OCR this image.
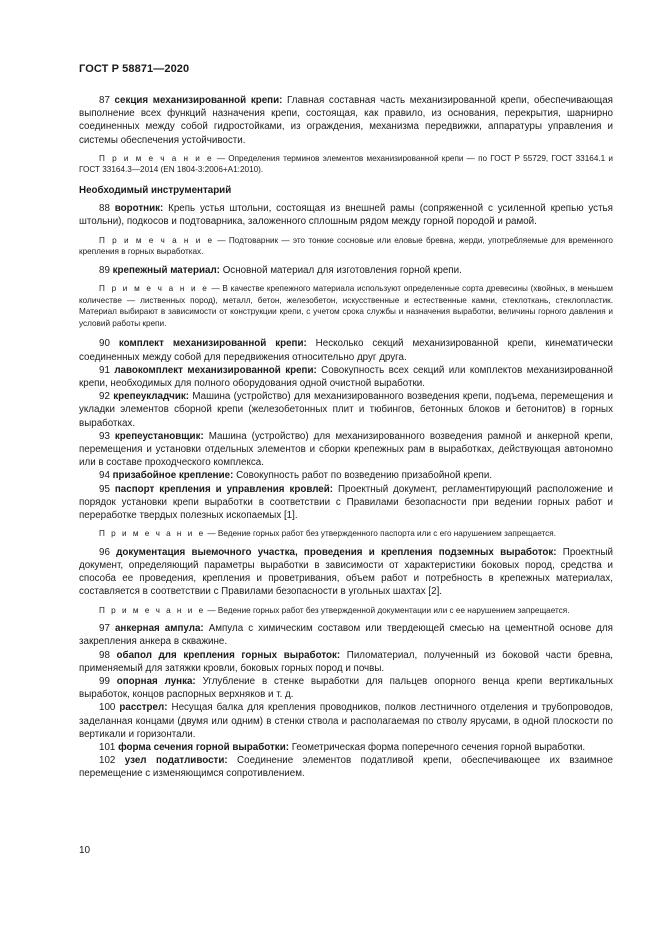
ГОСТ Р 58871—2020

87 секция механизированной крепи: Главная составная часть механизированной крепи, обеспечивающая выполнение всех функций назначения крепи, состоящая, как правило, из основания, перекрытия, шарнирно соединенных между собой гидростойками, из ограждения, механизма передвижки, аппаратуры управления и системы обеспечения устойчивости.

П р и м е ч а н и е — Определения терминов элементов механизированной крепи — по ГОСТ Р 55729, ГОСТ 33164.1 и ГОСТ 33164.3—2014 (EN 1804-3:2006+A1:2010).

Необходимый инструментарий

88 воротник: Крепь устья штольни, состоящая из внешней рамы (сопряженной с усиленной крепью устья штольни), подкосов и подтоварника, заложенного сплошным рядом между горной породой и рамой.

П р и м е ч а н и е — Подтоварник — это тонкие сосновые или еловые бревна, жерди, употребляемые для временного крепления в горных выработках.

89 крепежный материал: Основной материал для изготовления горной крепи.

П р и м е ч а н и е — В качестве крепежного материала используют определенные сорта древесины (хвойных, в меньшем количестве — лиственных пород), металл, бетон, железобетон, искусственные и естественные камни, стеклоткань, стеклопластик. Материал выбирают в зависимости от конструкции крепи, с учетом срока службы и назначения выработки, величины горного давления и условий работы крепи.

90 комплект механизированной крепи: Несколько секций механизированной крепи, кинематически соединенных между собой для передвижения относительно друг друга.

91 лавокомплект механизированной крепи: Совокупность всех секций или комплектов механизированной крепи, необходимых для полного оборудования одной очистной выработки.

92 крепеукладчик: Машина (устройство) для механизированного возведения крепи, подъема, перемещения и укладки элементов сборной крепи (железобетонных плит и тюбингов, бетонных блоков и бетонитов) в горных выработках.

93 крепеустановщик: Машина (устройство) для механизированного возведения рамной и анкерной крепи, перемещения и установки отдельных элементов и сборки крепежных рам в выработках, действующая автономно или в составе проходческого комплекса.

94 призабойное крепление: Совокупность работ по возведению призабойной крепи.

95 паспорт крепления и управления кровлей: Проектный документ, регламентирующий расположение и порядок установки крепи выработки в соответствии с Правилами безопасности при ведении горных работ и переработке твердых полезных ископаемых [1].

П р и м е ч а н и е — Ведение горных работ без утвержденного паспорта или с его нарушением запрещается.

96 документация выемочного участка, проведения и крепления подземных выработок: Проектный документ, определяющий параметры выработки в зависимости от характеристики боковых пород, средства и способа ее проведения, крепления и проветривания, объем работ и потребность в крепежных материалах, составляется в соответствии с Правилами безопасности в угольных шахтах [2].

П р и м е ч а н и е — Ведение горных работ без утвержденной документации или с ее нарушением запрещается.

97 анкерная ампула: Ампула с химическим составом или твердеющей смесью на цементной основе для закрепления анкера в скважине.

98 обапол для крепления горных выработок: Пиломатериал, полученный из боковой части бревна, применяемый для затяжки кровли, боковых горных пород и почвы.

99 опорная лунка: Углубление в стенке выработки для пальцев опорного венца крепи вертикальных выработок, концов распорных верхняков и т. д.

100 расстрел: Несущая балка для крепления проводников, полков лестничного отделения и трубопроводов, заделанная концами (двумя или одним) в стенки ствола и располагаемая по стволу ярусами, в одной плоскости по вертикали и горизонтали.

101 форма сечения горной выработки: Геометрическая форма поперечного сечения горной выработки.

102 узел податливости: Соединение элементов податливой крепи, обеспечивающее их взаимное перемещение с изменяющимся сопротивлением.

10
